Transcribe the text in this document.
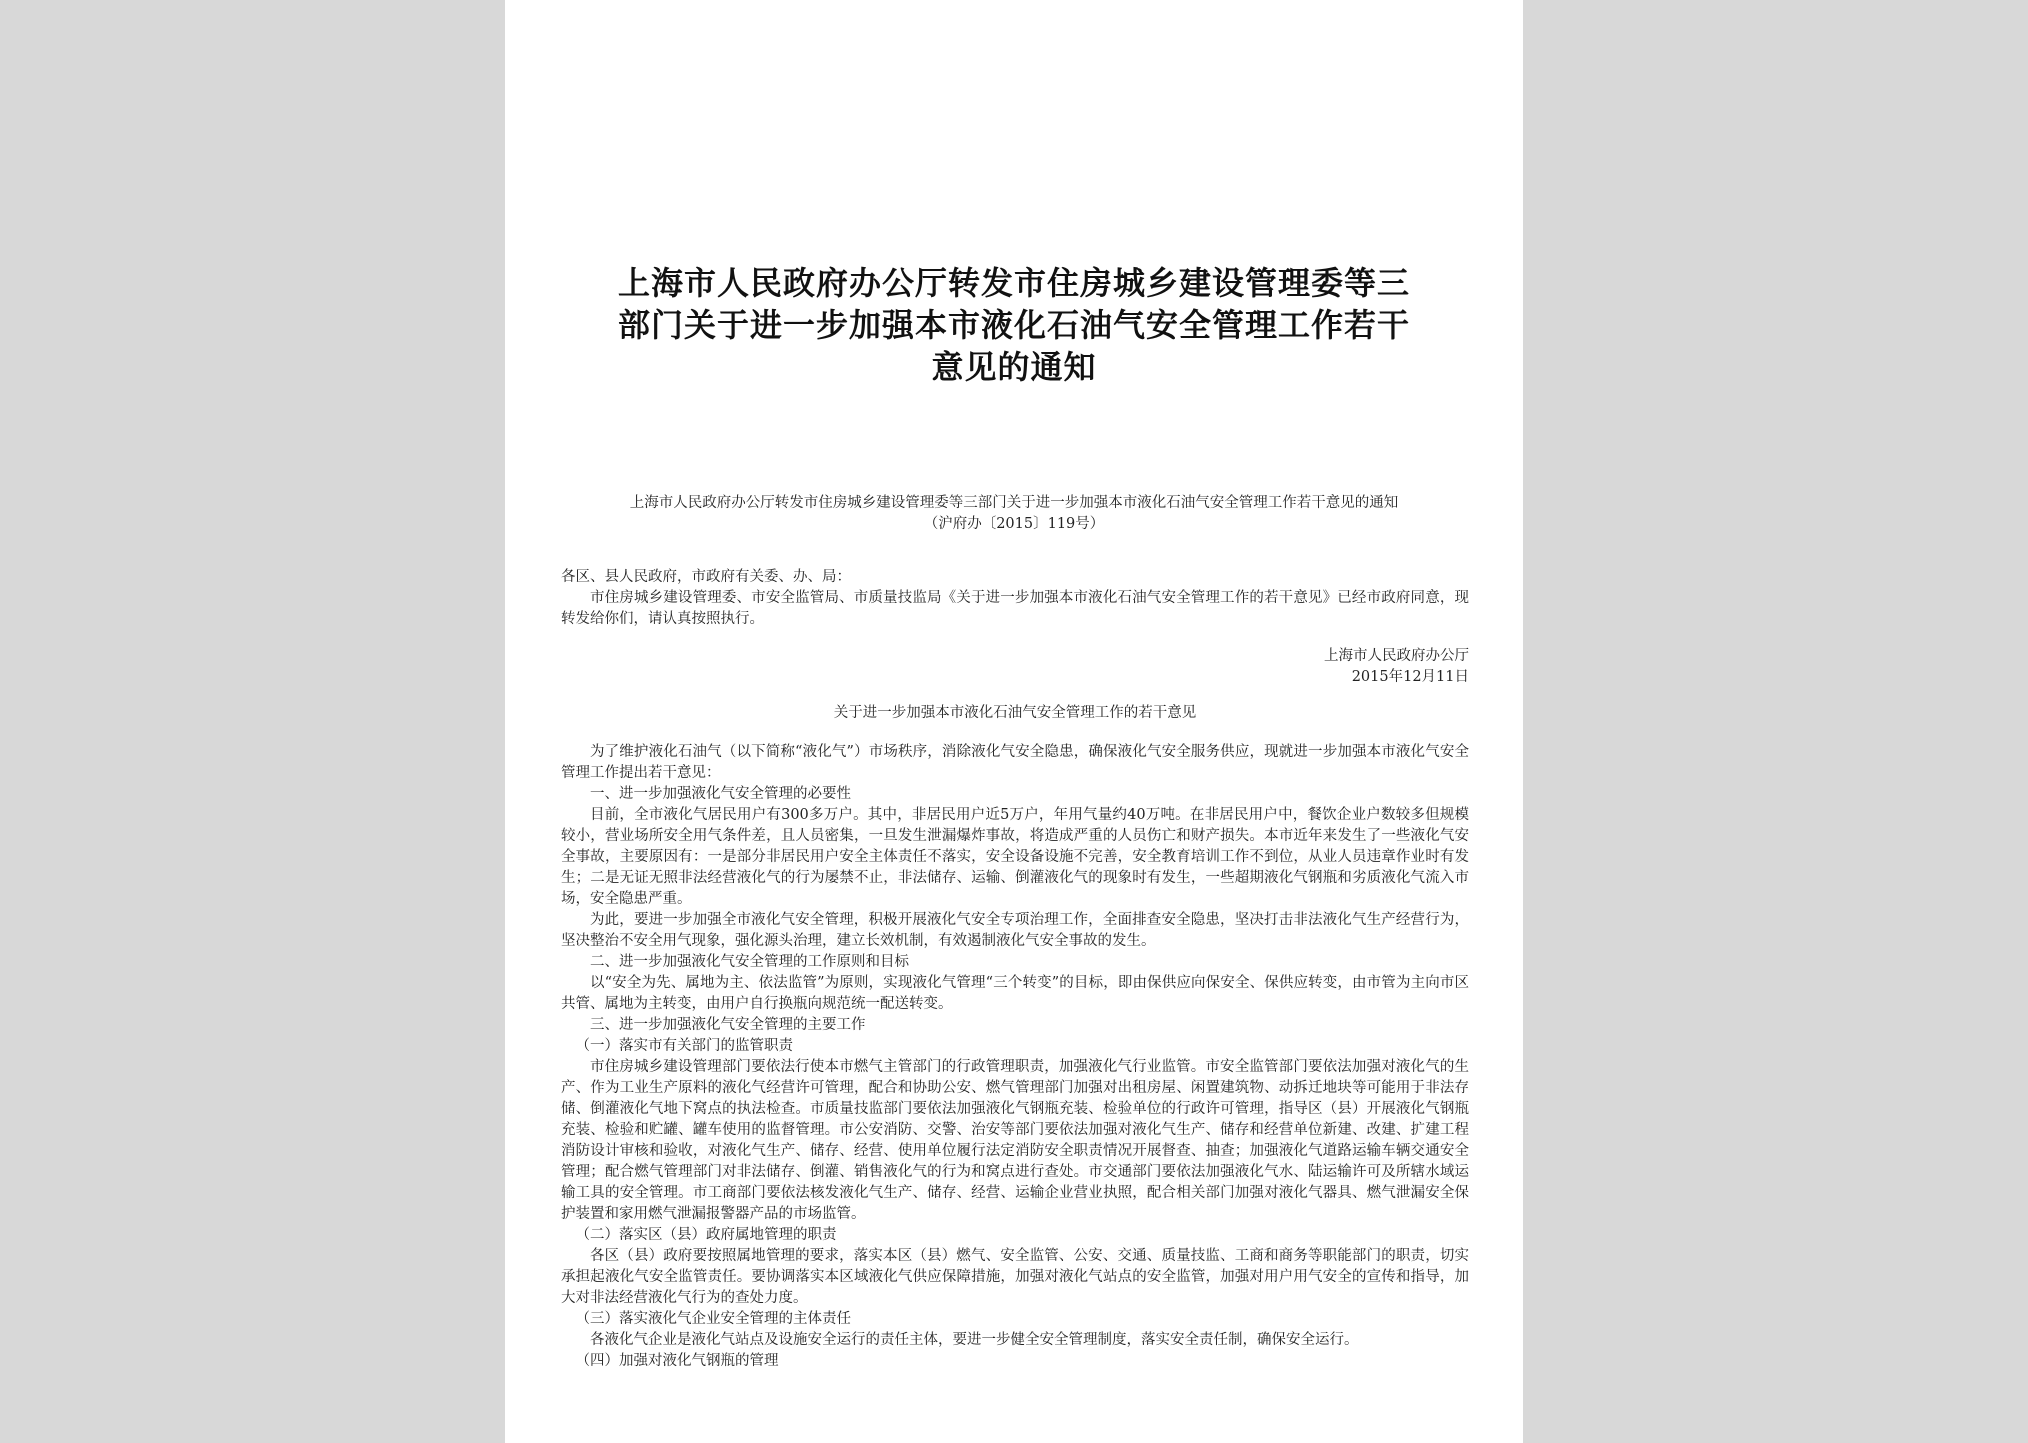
上海市人民政府办公厅转发市住房城乡建设管理委等三
部门关于进一步加强本市液化石油气安全管理工作若干
意见的通知
上海市人民政府办公厅转发市住房城乡建设管理委等三部门关于进一步加强本市液化石油气安全管理工作若干意见的通知
（沪府办〔2015〕119号）

各区、县人民政府，市政府有关委、办、局：

市住房城乡建设管理委、市安全监管局、市质量技监局《关于进一步加强本市液化石油气安全管理工作的若干意见》已经市政府同意，现转发给你们，请认真按照执行。

上海市人民政府办公厅
2015年12月11日
关于进一步加强本市液化石油气安全管理工作的若干意见

为了维护液化石油气（以下简称“液化气”）市场秩序，消除液化气安全隐患，确保液化气安全服务供应，现就进一步加强本市液化气安全管理工作提出若干意见：

一、进一步加强液化气安全管理的必要性

目前，全市液化气居民用户有300多万户。其中，非居民用户近5万户，年用气量约40万吨。在非居民用户中，餐饮企业户数较多但规模较小，营业场所安全用气条件差，且人员密集，一旦发生泄漏爆炸事故，将造成严重的人员伤亡和财产损失。本市近年来发生了一些液化气安全事故，主要原因有：一是部分非居民用户安全主体责任不落实，安全设备设施不完善，安全教育培训工作不到位，从业人员违章作业时有发生；二是无证无照非法经营液化气的行为屡禁不止，非法储存、运输、倒灌液化气的现象时有发生，一些超期液化气钢瓶和劣质液化气流入市场，安全隐患严重。

为此，要进一步加强全市液化气安全管理，积极开展液化气安全专项治理工作，全面排查安全隐患，坚决打击非法液化气生产经营行为，坚决整治不安全用气现象，强化源头治理，建立长效机制，有效遏制液化气安全事故的发生。

二、进一步加强液化气安全管理的工作原则和目标

以“安全为先、属地为主、依法监管”为原则，实现液化气管理“三个转变”的目标，即由保供应向保安全、保供应转变，由市管为主向市区共管、属地为主转变，由用户自行换瓶向规范统一配送转变。

三、进一步加强液化气安全管理的主要工作

（一）落实市有关部门的监管职责

市住房城乡建设管理部门要依法行使本市燃气主管部门的行政管理职责，加强液化气行业监管。市安全监管部门要依法加强对液化气的生产、作为工业生产原料的液化气经营许可管理，配合和协助公安、燃气管理部门加强对出租房屋、闲置建筑物、动拆迁地块等可能用于非法存储、倒灌液化气地下窝点的执法检查。市质量技监部门要依法加强液化气钢瓶充装、检验单位的行政许可管理，指导区（县）开展液化气钢瓶充装、检验和贮罐、罐车使用的监督管理。市公安消防、交警、治安等部门要依法加强对液化气生产、储存和经营单位新建、改建、扩建工程消防设计审核和验收，对液化气生产、储存、经营、使用单位履行法定消防安全职责情况开展督查、抽查；加强液化气道路运输车辆交通安全管理；配合燃气管理部门对非法储存、倒灌、销售液化气的行为和窝点进行查处。市交通部门要依法加强液化气水、陆运输许可及所辖水域运输工具的安全管理。市工商部门要依法核发液化气生产、储存、经营、运输企业营业执照，配合相关部门加强对液化气器具、燃气泄漏安全保护装置和家用燃气泄漏报警器产品的市场监管。

（二）落实区（县）政府属地管理的职责

各区（县）政府要按照属地管理的要求，落实本区（县）燃气、安全监管、公安、交通、质量技监、工商和商务等职能部门的职责，切实承担起液化气安全监管责任。要协调落实本区域液化气供应保障措施，加强对液化气站点的安全监管，加强对用户用气安全的宣传和指导，加大对非法经营液化气行为的查处力度。

（三）落实液化气企业安全管理的主体责任

各液化气企业是液化气站点及设施安全运行的责任主体，要进一步健全安全管理制度，落实安全责任制，确保安全运行。

（四）加强对液化气钢瓶的管理
